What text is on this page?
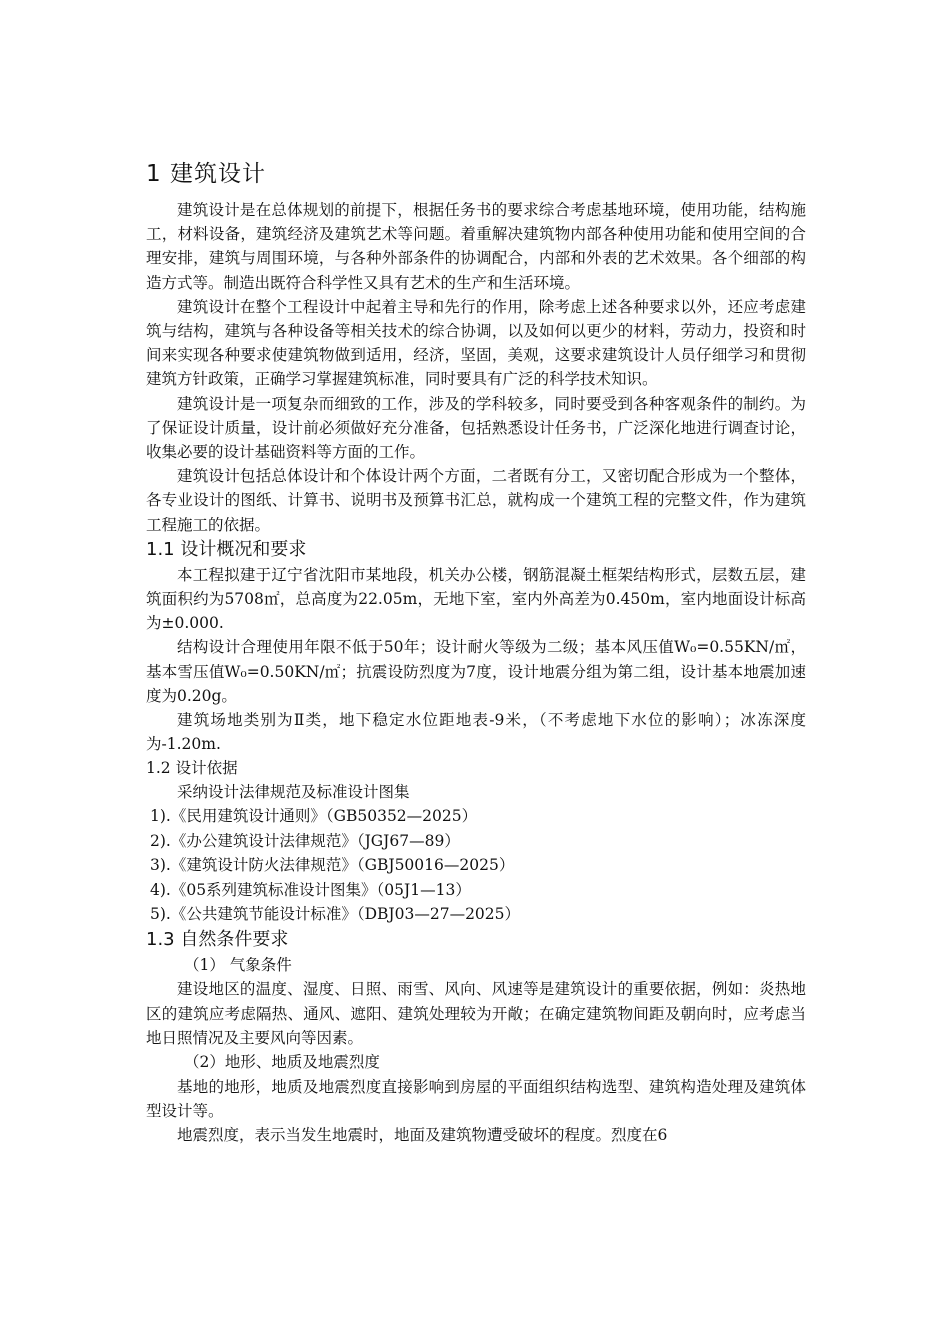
1 建筑设计

建筑设计是在总体规划的前提下，根据任务书的要求综合考虑基地环境，使用功能，结构施工，材料设备，建筑经济及建筑艺术等问题。着重解决建筑物内部各种使用功能和使用空间的合理安排，建筑与周围环境，与各种外部条件的协调配合，内部和外表的艺术效果。各个细部的构造方式等。制造出既符合科学性又具有艺术的生产和生活环境。

建筑设计在整个工程设计中起着主导和先行的作用，除考虑上述各种要求以外，还应考虑建筑与结构，建筑与各种设备等相关技术的综合协调，以及如何以更少的材料，劳动力，投资和时间来实现各种要求使建筑物做到适用，经济，坚固，美观，这要求建筑设计人员仔细学习和贯彻建筑方针政策，正确学习掌握建筑标准，同时要具有广泛的科学技术知识。

建筑设计是一项复杂而细致的工作，涉及的学科较多，同时要受到各种客观条件的制约。为了保证设计质量，设计前必须做好充分准备，包括熟悉设计任务书，广泛深化地进行调查讨论，收集必要的设计基础资料等方面的工作。

建筑设计包括总体设计和个体设计两个方面，二者既有分工，又密切配合形成为一个整体，各专业设计的图纸、计算书、说明书及预算书汇总，就构成一个建筑工程的完整文件，作为建筑工程施工的依据。

1.1 设计概况和要求

本工程拟建于辽宁省沈阳市某地段，机关办公楼，钢筋混凝土框架结构形式，层数五层，建筑面积约为5708㎡，总高度为22.05m，无地下室，室内外高差为0.450m，室内地面设计标高为±0.000.

结构设计合理使用年限不低于50年；设计耐火等级为二级；基本风压值W₀=0.55KN/㎡，基本雪压值W₀=0.50KN/㎡；抗震设防烈度为7度，设计地震分组为第二组，设计基本地震加速度为0.20g。

建筑场地类别为Ⅱ类，地下稳定水位距地表-9米，（不考虑地下水位的影响）；冰冻深度为-1.20m.

1.2 设计依据

采纳设计法律规范及标准设计图集

1).《民用建筑设计通则》（GB50352—2025）
2).《办公建筑设计法律规范》（JGJ67—89）
3).《建筑设计防火法律规范》（GBJ50016—2025）
4).《05系列建筑标准设计图集》（05J1—13）
5).《公共建筑节能设计标准》（DBJ03—27—2025）
1.3 自然条件要求
（1） 气象条件

建设地区的温度、湿度、日照、雨雪、风向、风速等是建筑设计的重要依据，例如：炎热地区的建筑应考虑隔热、通风、遮阳、建筑处理较为开敞；在确定建筑物间距及朝向时，应考虑当地日照情况及主要风向等因素。

（2）地形、地质及地震烈度

基地的地形，地质及地震烈度直接影响到房屋的平面组织结构选型、建筑构造处理及建筑体型设计等。

地震烈度，表示当发生地震时，地面及建筑物遭受破坏的程度。烈度在6
